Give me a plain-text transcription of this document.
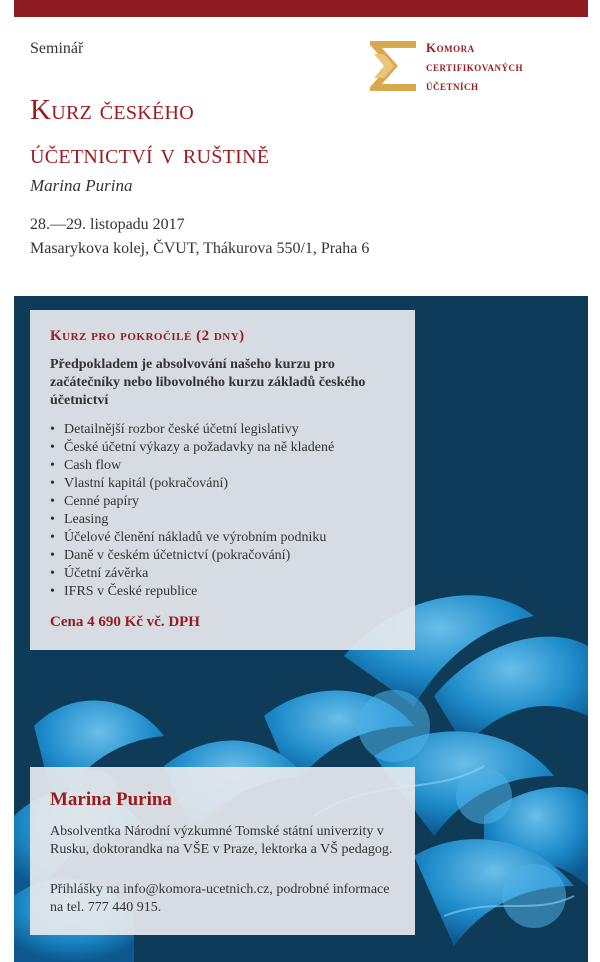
Seminář
Kurz českého
účetnictví v ruštině
Marina Purina
28.—29. listopadu 2017
Masarykova kolej, ČVUT, Thákurova 550/1, Praha 6
Komora
certifikovaných
účetních
Kurz pro pokročilé (2 dny)
Předpokladem je absolvování našeho kurzu pro začátečníky nebo libovolného kurzu základů českého účetnictví
• Detailnější rozbor české účetní legislativy
• České účetní výkazy a požadavky na ně kladené
• Cash flow
• Vlastní kapitál (pokračování)
• Cenné papíry
• Leasing
• Účelové členění nákladů ve výrobním podniku
• Daně v českém účetnictví (pokračování)
• Účetní závěrka
• IFRS v České republice
Cena 4 690 Kč vč. DPH
Marina Purina
Absolventka Národní výzkumné Tomské státní univerzity v Rusku, doktorandka na VŠE v Praze, lektorka a VŠ pedagog.
Přihlášky na info@komora-ucetnich.cz, podrobné informace na tel. 777 440 915.
